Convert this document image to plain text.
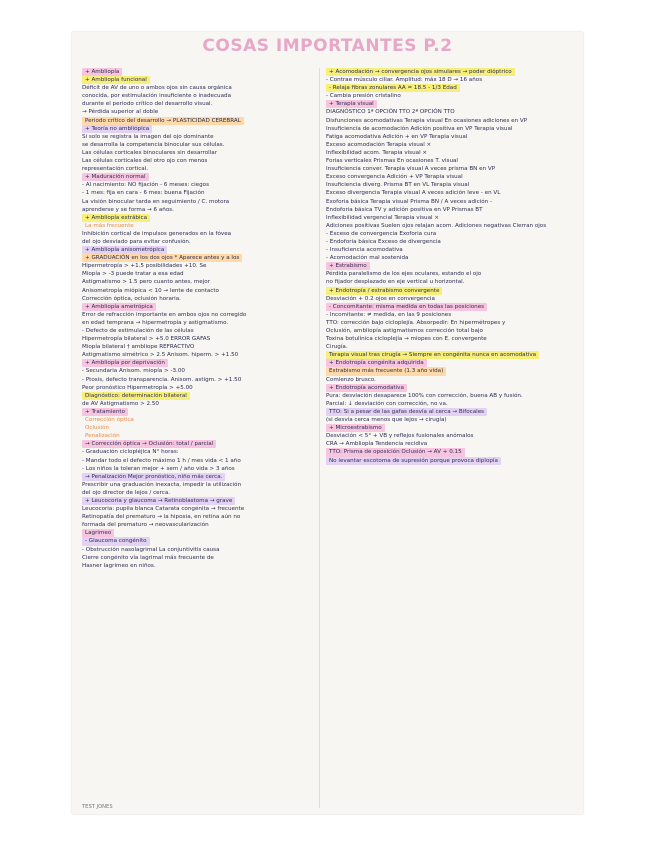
COSAS IMPORTANTES P.2
+ Ambliopía
+ Ambliopía funcional
Déficit de AV de uno o ambos ojos sin causa orgánica
conocida, por estimulación insuficiente o inadecuada
durante el periodo crítico del desarrollo visual.
→ Pérdida superior al doble
Periodo crítico del desarrollo → PLASTICIDAD CEREBRAL
+ Teoría no ambliópica
Si solo se registra la imagen del ojo dominante
se desarrolla la competencia binocular sus células.
Las células corticales binoculares sin desarrollar
Las células corticales del otro ojo con menos
representación cortical.
+ Maduración normal
- Al nacimiento: NO fijación - 6 meses: ciegos
- 1 mes: fija en cara - 6 mes: buena Fijación
La visión binocular tarda en seguimiento / C. motora
aprenderse y se forma → 6 años.
+ Ambliopía estrábica
La más frecuente
Inhibición cortical de impulsos generados en la fóvea
del ojo desviado para evitar confusión.
+ Ambliopía anisometrópica
+ GRADUACIÓN en los dos ojos * Aparece antes y a los
Hipermetropía > +1.5 posibilidades +10. Se
Miopía > -3 puede tratar a esa edad
Astigmatismo > 1.5 pero cuanto antes, mejor
Anisometropía miópica < 10 → lente de contacto
Corrección óptica, oclusión horaria.
+ Ambliopía ametrópica
Error de refracción importante en ambos ojos no corregido
en edad temprana → hipermetropía y astigmatismo.
- Defecto de estimulación de las células
Hipermetropía bilateral > +5.0 ERROR GAFAS
Miopía bilateral † ambliope REFRACTIVO
Astigmatismo simétrico > 2.5 Anisom. hiperm. > +1.50
+ Ambliopía por deprivación
- Secundaria Anisom. miopía > -3.00
- Ptosis, defecto transparencia. Anisom. astigm. > +1.50
Peor pronóstico Hipermetropía > +5.00
Diagnóstico: determinación bilateral
de AV Astigmatismo > 2.50
+ Tratamiento
Corrección óptica
Oclusión
Penalización
→ Corrección óptica → Oclusión: total / parcial
- Graduación ciclopléjica N° horas:
- Mandar todo el defecto máximo 1 h / mes vida < 1 año
- Los niños la toleran mejor + sem / año vida > 3 años
→ Penalización Mejor pronóstico, niño más cerca.
Prescribir una graduación inexacta, impedir la utilización
del ojo director de lejos / cerca.
+ Leucocoria y glaucoma → Retinoblastoma → grave
Leucocoria: pupila blanca Catarata congénita → frecuente
Retinopatía del prematuro → la hipoxia, en retina aún no
formada del prematuro → neovascularización
Lagrimeo
- Glaucoma congénito
- Obstrucción nasolagrimal La conjuntivitis causa
Cierre congénito vía lagrimal más frecuente de
Hasner lagrimeo en niños.
+ Acomodación → convergencia ojos simulares → poder dióptrico
- Contrae músculo ciliar. Amplitud: máx 18 D → 16 años
- Relaja fibras zonulares AA = 18.5 - 1/3 Edad
- Cambia presión cristalino
+ Terapia visual
DIAGNÓSTICO 1ª OPCIÓN TTO 2ª OPCIÓN TTO
Disfunciones acomodativas Terapia visual En ocasiones adiciones en VP
Insuficiencia de acomodación Adición positiva en VP Terapia visual
Fatiga acomodativa Adición + en VP Terapia visual
Exceso acomodación Terapia visual ×
Inflexibilidad acom. Terapia visual ×
Forias verticales Prismas En ocasiones T. visual
Insuficiencia conver. Terapia visual A veces prisma BN en VP
Exceso convergencia Adición + VP Terapia visual
Insuficiencia diverg. Prisma BT en VL Terapia visual
Exceso divergencia Terapia visual A veces adición leve - en VL
Exoforia básica Terapia visual Prisma BN / A veces adición -
Endoforia básica TV y adición positiva en VP Prismas BT
Inflexibilidad vergencial Terapia visual ×
Adiciones positivas Suelen ojos relajan acom. Adiciones negativas Cierran ojos
- Exceso de convergencia Exoforia cura
- Endoforia básica Exceso de divergencia
- Insuficiencia acomodativa
- Acomodación mal sostenida
+ Estrabismo
Pérdida paralelismo de los ejes oculares, estando el ojo
no fijador desplazado en eje vertical u horizontal.
+ Endotropía / estrabismo convergente
Desviación + 0.2 ojos en convergencia
- Concomitante: misma medida en todas las posiciones
- Incomitante: ≠ medida, en las 9 posiciones
TTO: corrección bajo cicloplejía. Absorpedir: En hipermétropes y
Oclusión, ambliopía astigmatismos corrección total bajo
Toxina botulínica cicloplejía → miopes con E. convergente
Cirugía.
Terapia visual tras cirugía → Siempre en congénita nunca en acomodativa
+ Endotropía congénita adquirida
Estrabismo más frecuente (1.3 año vida)
Comienzo brusco.
+ Endotropía acomodativa
Pura: desviación desaparece 100% con corrección, buena AB y fusión.
Parcial: ↓ desviación con corrección, no va.
TTO: Si a pesar de las gafas desvía al cerca → Bifocales
(si desvía cerca menos que lejos → cirugía)
+ Microestrabismo
Desviación < 5° + VB y reflejos fusionales anómalos
CRA → Ambliopía Tendencia recidiva
TTO: Prisma de oposición Oclusión → AV + 0.15
No levantar escotoma de supresión porque provoca diplopía
TEST JONES
